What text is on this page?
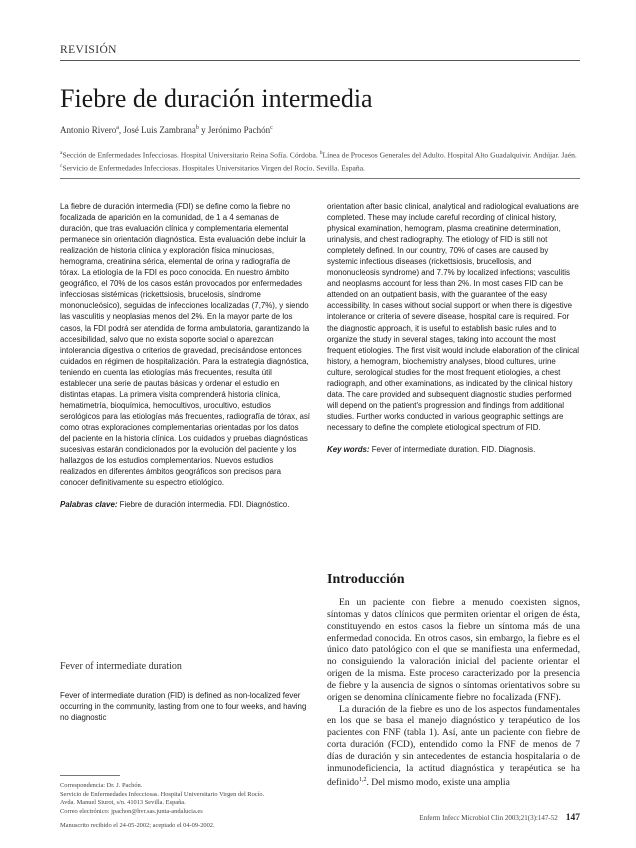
REVISIÓN
Fiebre de duración intermedia
Antonio Rivero$^a$, José Luis Zambrana$^b$ y Jerónimo Pachón$^c$
$^a$Sección de Enfermedades Infecciosas. Hospital Universitario Reina Sofía. Córdoba. $^b$Línea de Procesos Generales del Adulto. Hospital Alto Guadalquivir. Andújar. Jaén. $^c$Servicio de Enfermedades Infecciosas. Hospitales Universitarios Virgen del Rocío. Sevilla. España.

La fiebre de duración intermedia (FDI) se define como la fiebre no focalizada de aparición en la comunidad, de 1 a 4 semanas de duración, que tras evaluación clínica y complementaria elemental permanece sin orientación diagnóstica. Esta evaluación debe incluir la realización de historia clínica y exploración física minuciosas, hemograma, creatinina sérica, elemental de orina y radiografía de tórax. La etiología de la FDI es poco conocida. En nuestro ámbito geográfico, el 70% de los casos están provocados por enfermedades infecciosas sistémicas (rickettsiosis, brucelosis, síndrome mononucleósico), seguidas de infecciones localizadas (7,7%), y siendo las vasculitis y neoplasias menos del 2%. En la mayor parte de los casos, la FDI podrá ser atendida de forma ambulatoria, garantizando la accesibilidad, salvo que no exista soporte social o aparezcan intolerancia digestiva o criterios de gravedad, precisándose entonces cuidados en régimen de hospitalización. Para la estrategia diagnóstica, teniendo en cuenta las etiologías más frecuentes, resulta útil establecer una serie de pautas básicas y ordenar el estudio en distintas etapas. La primera visita comprenderá historia clínica, hematimetría, bioquímica, hemocultivos, urocultivo, estudios serológicos para las etiologías más frecuentes, radiografía de tórax, así como otras exploraciones complementarias orientadas por los datos del paciente en la historia clínica. Los cuidados y pruebas diagnósticas sucesivas estarán condicionados por la evolución del paciente y los hallazgos de los estudios complementarios. Nuevos estudios realizados en diferentes ámbitos geográficos son precisos para conocer definitivamente su espectro etiológico.

Palabras clave: Fiebre de duración intermedia. FDI. Diagnóstico.

Fever of intermediate duration

Fever of intermediate duration (FID) is defined as non-localized fever occurring in the community, lasting from one to four weeks, and having no diagnostic

Correspondencia: Dr. J. Pachón.
Servicio de Enfermedades Infecciosas. Hospital Universitario Virgen del Rocío.
Avda. Manuel Siurot, s/n. 41013 Sevilla. España.
Correo electrónico: jpachon@hvr.sas.junta-andalucia.es
Manuscrito recibido el 24-05-2002; aceptado el 04-09-2002.

orientation after basic clinical, analytical and radiological evaluations are completed. These may include careful recording of clinical history, physical examination, hemogram, plasma creatinine determination, urinalysis, and chest radiography. The etiology of FID is still not completely defined. In our country, 70% of cases are caused by systemic infectious diseases (rickettsiosis, brucellosis, and mononucleosis syndrome) and 7.7% by localized infections; vasculitis and neoplasms account for less than 2%. In most cases FID can be attended on an outpatient basis, with the guarantee of the easy accessibility. In cases without social support or when there is digestive intolerance or criteria of severe disease, hospital care is required. For the diagnostic approach, it is useful to establish basic rules and to organize the study in several stages, taking into account the most frequent etiologies. The first visit would include elaboration of the clinical history, a hemogram, biochemistry analyses, blood cultures, urine culture, serological studies for the most frequent etiologies, a chest radiograph, and other examinations, as indicated by the clinical history data. The care provided and subsequent diagnostic studies performed will depend on the patient's progression and findings from additional studies. Further works conducted in various geographic settings are necessary to define the complete etiological spectrum of FID.

Key words: Fever of intermediate duration. FID. Diagnosis.

Introducción

En un paciente con fiebre a menudo coexisten signos, síntomas y datos clínicos que permiten orientar el origen de ésta, constituyendo en estos casos la fiebre un síntoma más de una enfermedad conocida. En otros casos, sin embargo, la fiebre es el único dato patológico con el que se manifiesta una enfermedad, no consiguiendo la valoración inicial del paciente orientar el origen de la misma. Este proceso caracterizado por la presencia de fiebre y la ausencia de signos o síntomas orientativos sobre su origen se denomina clínicamente fiebre no focalizada (FNF).

La duración de la fiebre es uno de los aspectos fundamentales en los que se basa el manejo diagnóstico y terapéutico de los pacientes con FNF (tabla 1). Así, ante un paciente con fiebre de corta duración (FCD), entendido como la FNF de menos de 7 días de duración y sin antecedentes de estancia hospitalaria o de inmunodeficiencia, la actitud diagnóstica y terapéutica se ha definido$^{1,2}$. Del mismo modo, existe una amplia

Enferm Infecc Microbiol Clin 2003;21(3):147-52 147
